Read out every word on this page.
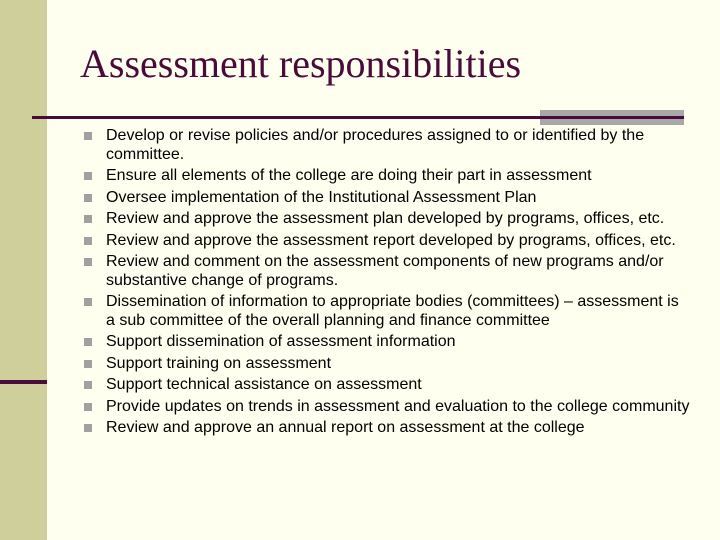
Assessment responsibilities
Develop or revise policies and/or procedures assigned to or identified by the committee.
Ensure all elements of the college are doing their part in assessment
Oversee implementation of the Institutional Assessment Plan
Review and approve the assessment plan developed by programs, offices, etc.
Review and approve the assessment report developed by programs, offices, etc.
Review and comment on the assessment components of new programs and/or substantive change of programs.
Dissemination of information to appropriate bodies (committees) – assessment is a sub committee of the overall planning and finance committee
Support dissemination of assessment information
Support training on assessment
Support technical assistance on assessment
Provide updates on trends in assessment and evaluation to the college community
Review and approve an annual report on assessment at the college
